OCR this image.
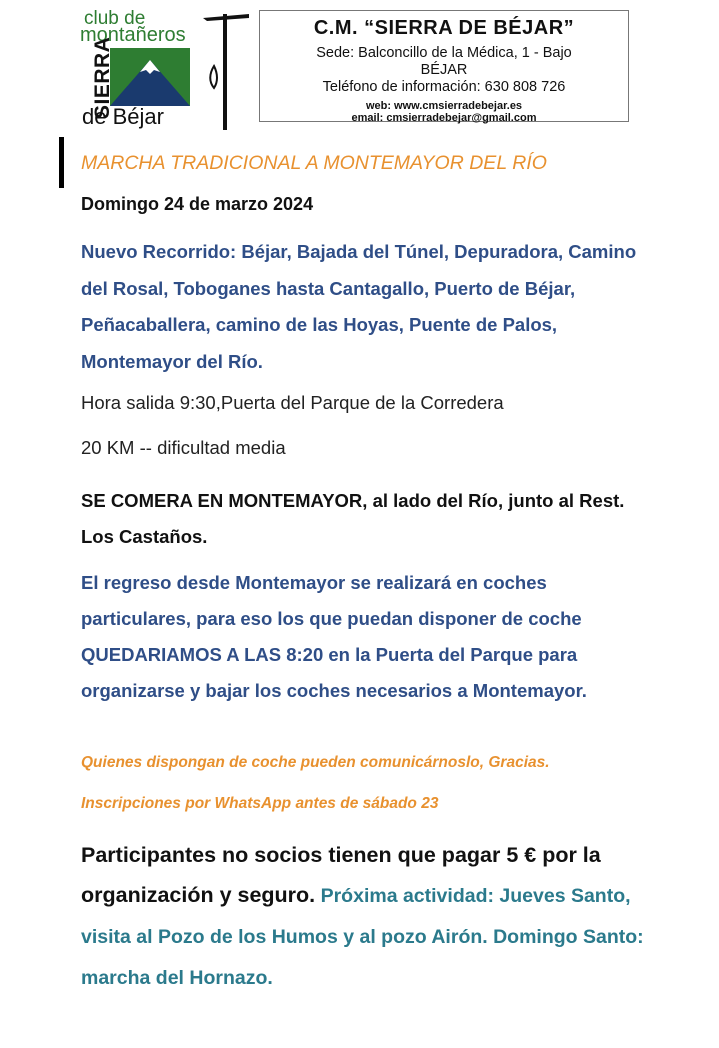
club de
montañeros
SIERRA
de Béjar
C.M. “SIERRA DE BÉJAR”
Sede: Balconcillo de la Médica, 1 - Bajo
BÉJAR
Teléfono de información: 630 808 726
web: www.cmsierradebejar.es
email: cmsierradebejar@gmail.com
MARCHA TRADICIONAL A MONTEMAYOR DEL RÍO
Domingo 24 de marzo 2024
Nuevo Recorrido: Béjar, Bajada del Túnel, Depuradora, Camino del Rosal, Toboganes hasta Cantagallo, Puerto de Béjar, Peñacaballera, camino de las Hoyas, Puente de Palos, Montemayor del Río.
Hora salida 9:30,Puerta del Parque de la Corredera
20 KM -- dificultad media
SE COMERA EN MONTEMAYOR, al lado del Río, junto al Rest. Los Castaños.
El regreso desde Montemayor se realizará en coches particulares, para eso los que puedan disponer de coche QUEDARIAMOS A LAS 8:20 en la Puerta del Parque para organizarse y bajar los coches necesarios a Montemayor.
Quienes dispongan de coche pueden comunicárnoslo, Gracias.
Inscripciones por WhatsApp antes de sábado 23
Participantes no socios tienen que pagar 5 € por la organización y seguro. Próxima actividad: Jueves Santo, visita al Pozo de los Humos y al pozo Airón. Domingo Santo: marcha del Hornazo.
